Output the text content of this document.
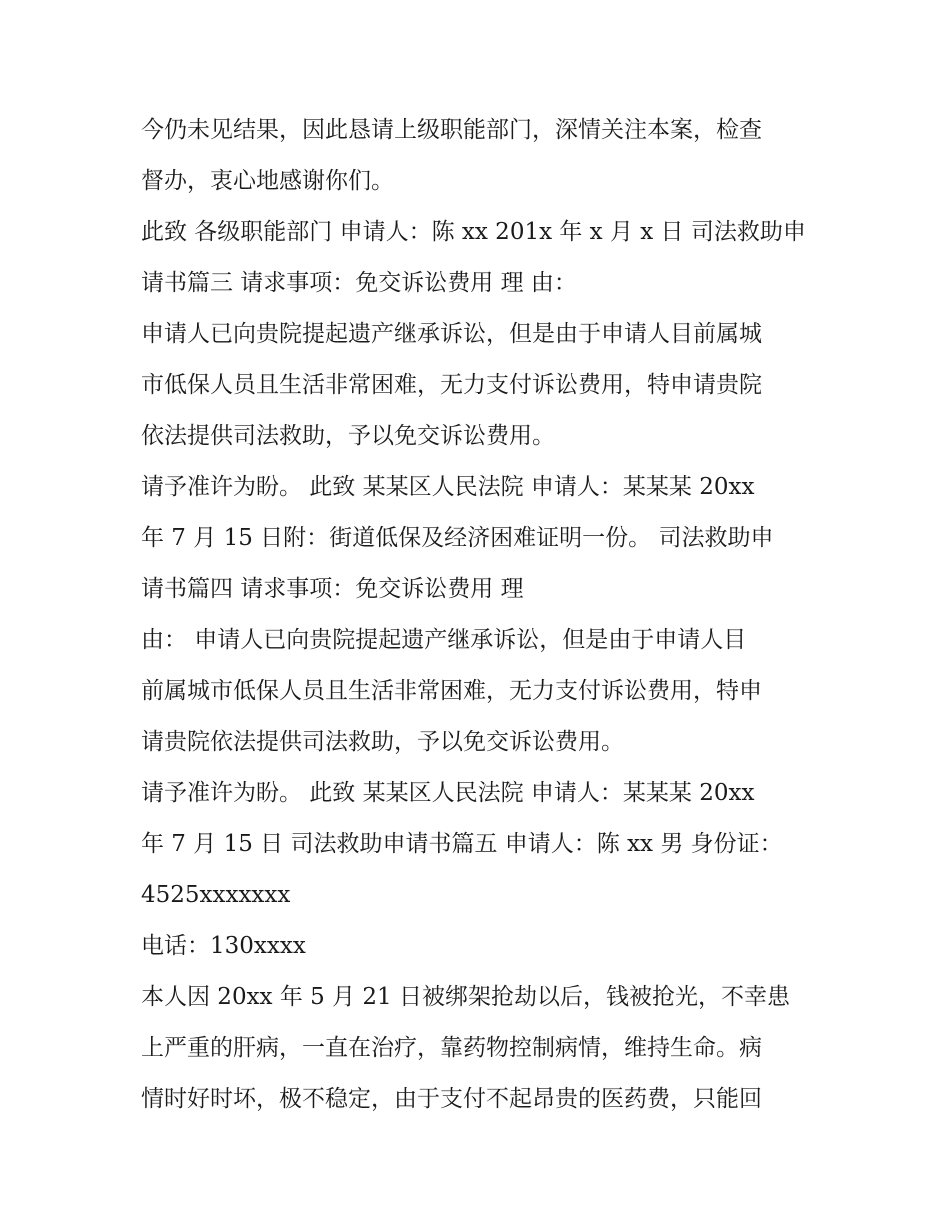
今仍未见结果，因此恳请上级职能部门，深情关注本案，检查
督办，衷心地感谢你们。
此致 各级职能部门 申请人：陈 xx 201x 年 x 月 x 日 司法救助申
请书篇三 请求事项：免交诉讼费用 理 由：
申请人已向贵院提起遗产继承诉讼，但是由于申请人目前属城
市低保人员且生活非常困难，无力支付诉讼费用，特申请贵院
依法提供司法救助，予以免交诉讼费用。
请予准许为盼。 此致 某某区人民法院 申请人：某某某 20xx
年 7 月 15 日附：街道低保及经济困难证明一份。 司法救助申
请书篇四 请求事项：免交诉讼费用 理
由： 申请人已向贵院提起遗产继承诉讼，但是由于申请人目
前属城市低保人员且生活非常困难，无力支付诉讼费用，特申
请贵院依法提供司法救助，予以免交诉讼费用。
请予准许为盼。 此致 某某区人民法院 申请人：某某某 20xx
年 7 月 15 日 司法救助申请书篇五 申请人：陈 xx 男 身份证：
4525xxxxxxx
电话：130xxxx
本人因 20xx 年 5 月 21 日被绑架抢劫以后，钱被抢光，不幸患
上严重的肝病，一直在治疗，靠药物控制病情，维持生命。病
情时好时坏，极不稳定，由于支付不起昂贵的医药费，只能回
